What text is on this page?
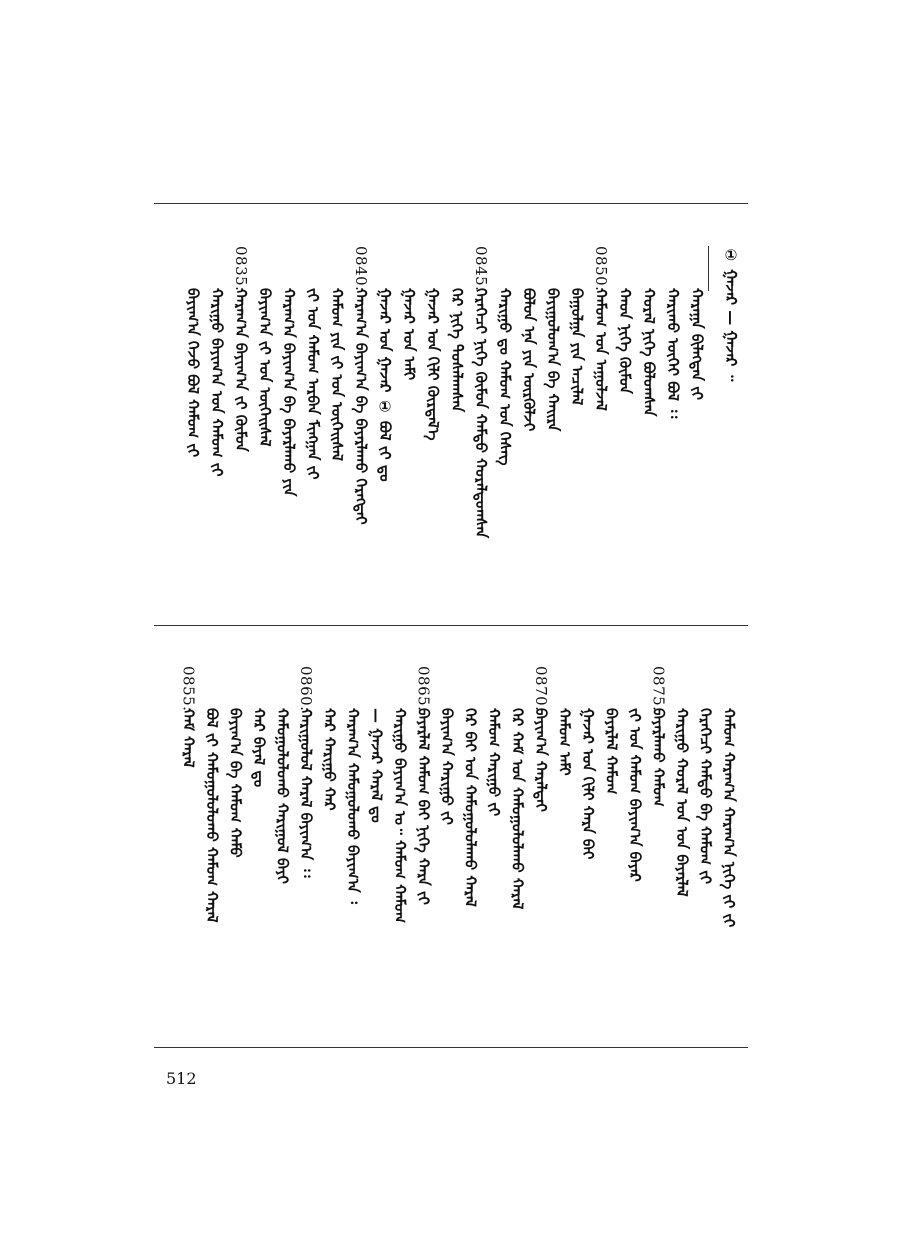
① ᠭᠠᠵᠠᠷ — ᠭᠠᠵᠠᠷ ᠃
ᠬᠠᠷᠠᠭᠠ ᠪᠢᠯᠡᠭᠳᠡᠨ ᠶ᠋ᠢ
ᠬᠠᠷᠢᠬᠤ ᠦᠭᠡᠢ ᠪᠣᠯ ᠄᠄
ᠬᠤᠷᠠᠯ ᠨᠢᠭᠡ ᠪᠣᠯᠤᠭᠰᠠᠨ
ᠬᠠᠳ ᠨᠢᠭᠡ ᠬᠦᠮᠦᠨ
0850.
ᠬᠠᠮᠤᠭ ᠤᠨ ᠠᠭᠤᠯᠵᠠᠯ
ᠪᠠᠭᠤᠯᠭᠠ ᠶᠢᠨ ᠠᠴᠢᠯᠠᠯ
ᠪᠠᠶᠢᠭᠤᠯᠤᠭ᠎ᠠ ᠪᠠ ᠬᠠᠢᠷᠠ
ᠪᠣᠯᠤᠨ ᠡᠨᠡ ᠶᠢᠨ ᠦᠷᠭᠦᠯᠵᠢ
ᠬᠠᠷᠢᠭᠤ ᠳᠤ ᠬᠠᠮᠤᠭ ᠤᠨ ᠬᠡᠰᠡᠭ
0845.
ᠭᠡᠷᠡᠭᠡᠴᠢ ᠨᠢᠭᠡ ᠬᠦᠮᠦᠨ ᠬᠠᠮᠲᠤ ᠬᠤᠷᠠᠯᠳᠤᠭᠰᠠᠨ
ᠭᠡᠷ ᠨᠢᠭᠡ ᠲᠤᠰᠠᠯᠠᠭᠰᠠᠨ
ᠭᠠᠵᠠᠷ ᠤᠨ ᠬᠢᠯᠢ ᠬᠦᠷᠲᠡᠯ᠎ᠡ
ᠭᠠᠵᠠᠷ ᠤᠨ ᠠᠮᠢ
ᠭᠠᠵᠠᠷ ᠤᠨ ᠭᠠᠵᠠᠷ ① ᠪᠣᠯ ᠶ᠋ᠢ ᠳᠤ
0840.
ᠬᠠᠷᠠᠭ᠎ᠠ ᠪᠠᠶᠢᠭ᠎ᠠ ᠪᠠ ᠪᠠᠶᠠᠷᠯᠠᠬᠤ ᠬᠡᠷᠡᠭᠲᠡᠢ
ᠬᠠᠮᠤᠭ ᠶᠢᠨ ᠶ᠋ᠢ ᠤᠨ ᠦᠭᠡᠢᠰᠡᠯ
ᠶ᠋ᠢ ᠤᠨ ᠬᠠᠮᠤᠭ ᠠᠷᠪᠠᠨ ᠮᠢᠩᠭᠠᠨ ᠶ᠋ᠢ
ᠬᠠᠷᠠᠭ᠎ᠠ ᠪᠠᠶᠢᠭ᠎ᠠ ᠪᠠ ᠪᠠᠶᠠᠷᠯᠠᠬᠤ ᠶᠢᠨ
ᠪᠠᠶᠢᠭ᠎ᠠ ᠶ᠋ᠢ ᠤᠨ ᠦᠭᠡᠢᠰᠡᠯ
0835.
ᠬᠠᠷᠠᠭ᠎ᠠ ᠪᠠᠶᠢᠭ᠎ᠠ ᠶ᠋ᠢ ᠬᠦᠮᠦᠨ
ᠬᠠᠷᠢᠭᠤ ᠪᠠᠶᠢᠭ᠎ᠠ ᠤᠨ ᠬᠠᠮᠤᠭ ᠶ᠋ᠢ
ᠪᠠᠶᠢᠭ᠎ᠠ ᠭᠡᠵᠦ ᠪᠣᠯ ᠬᠠᠮᠤᠭ ᠶ᠋ᠢ
ᠬᠠᠮᠤᠭ ᠬᠠᠷᠠᠭ᠎ᠠ ᠬᠠᠷᠠᠭ᠎ᠠ ᠨᠢᠭᠡ ᠶ᠋ᠢ ᠶ᠋ᠢ
ᠭᠡᠷᠡᠭᠡᠴᠢ ᠬᠠᠮᠲᠤ ᠪᠠ ᠬᠠᠮᠤᠭ ᠶ᠋ᠢ
ᠬᠠᠷᠢᠭᠤ ᠬᠤᠷᠠᠯ ᠤᠨ ᠤᠨ ᠪᠠᠶᠠᠷᠯᠠᠯ
0875.
ᠪᠠᠶᠠᠷᠯᠠᠬᠤ ᠬᠠᠮᠤᠭ
ᠶ᠋ᠢ ᠤᠨ ᠬᠠᠮᠤᠭ ᠪᠠᠶᠢᠭ᠎ᠠ ᠪᠠᠶᠠᠷ
ᠪᠠᠶᠠᠷᠯᠠᠯ ᠬᠠᠮᠤᠭ
ᠭᠠᠵᠠᠷ ᠤᠨ ᠬᠢᠯᠢ ᠬᠠᠷᠠ ᠪᠠᠶ
ᠬᠠᠮᠤᠭ ᠠᠮᠢ
0870.
ᠪᠠᠶᠢᠭ᠎ᠠ ᠬᠠᠷᠠᠯᠲᠠᠢ
ᠭᠡᠷ ᠬᠠᠮ ᠤᠨ ᠬᠠᠮᠤᠭᠤᠯᠤᠯᠠᠬᠤ ᠬᠠᠷᠠᠯ
ᠬᠠᠮᠤᠭ ᠬᠠᠷᠢᠭᠤ ᠶ᠋ᠢ
ᠬᠡᠷ ᠪᠠᠶ ᠤᠨ ᠬᠠᠮᠤᠭᠤᠯᠤᠯᠠᠬᠤ ᠬᠠᠷᠠᠯ
ᠪᠠᠶᠢᠭ᠎ᠠ ᠬᠠᠷᠢᠭᠤ ᠶ᠋ᠢ
0865.
ᠪᠠᠶᠠᠷᠯᠠᠯ ᠬᠠᠮᠤᠭ ᠪᠠᠶ ᠨᠢᠭᠡ ᠬᠠᠷᠠ ᠶ᠋ᠢ
ᠬᠠᠷᠢᠭᠤ ᠪᠠᠶᠢᠭ᠎ᠠ ᠣ᠃ ᠬᠠᠮᠤᠭ ᠬᠠᠮᠤᠭ
— ᠭᠠᠵᠠᠷ ᠬᠠᠷᠠᠯ ᠳᠤ
ᠬᠠᠷᠠᠭ᠎ᠠ ᠬᠠᠮᠤᠭᠤᠯᠤᠬᠤ ᠪᠠᠶᠢᠭ᠎ᠠ ᠄
ᠬᠠᠷ ᠬᠠᠷᠢᠭᠤ ᠬᠠᠷ
0860.
ᠬᠠᠷᠢᠭᠤᠯᠤᠯ ᠬᠠᠷᠠᠯ ᠪᠠᠶᠢᠭ᠎ᠠ ᠄᠄
ᠬᠠᠮᠤᠭᠤᠯᠤᠯᠤᠬᠤ ᠬᠠᠷᠢᠭᠤᠯ ᠪᠠᠶᠢ
ᠬᠠᠷ ᠪᠠᠶᠠᠯ ᠳᠤ
ᠪᠠᠶᠢᠭ᠎ᠠ ᠪᠠ ᠬᠠᠮᠤᠭ ᠬᠠᠮᠤ
ᠪᠣᠯ ᠶ᠋ᠢ ᠬᠠᠮᠤᠭᠤᠯᠤᠯᠤᠬᠤ ᠬᠠᠮᠤᠭ ᠬᠠᠷᠠᠯ
0855.
ᠬᠠᠮ ᠬᠠᠷᠠᠯ
512
